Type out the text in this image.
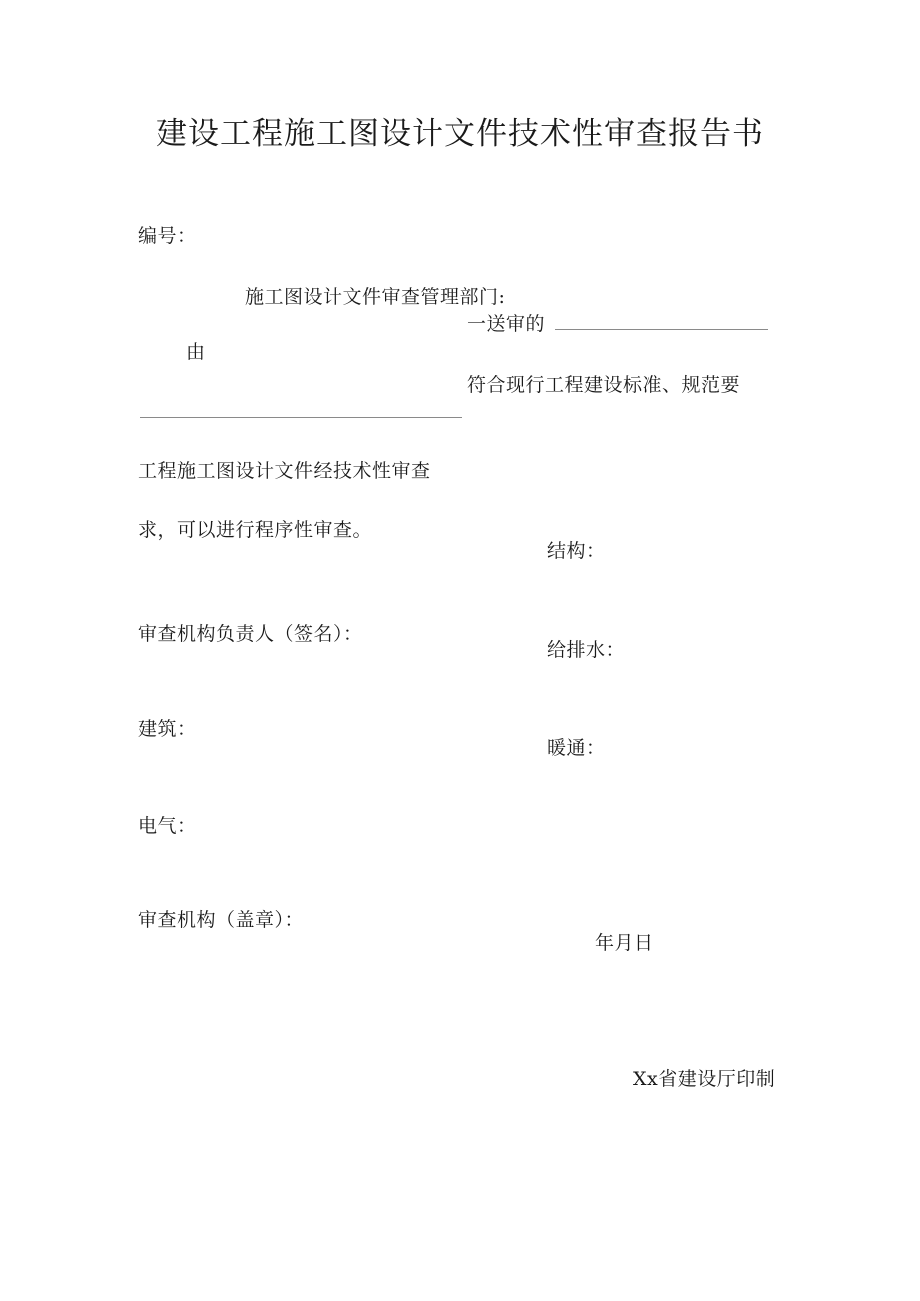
建设工程施工图设计文件技术性审查报告书
编号：
施工图设计文件审查管理部门:
一送审的
由
符合现行工程建设标准、规范要
工程施工图设计文件经技术性审查
求，可以进行程序性审查。
结构：
审查机构负责人（签名）：
给排水：
建筑：
暖通：
电气：
审查机构（盖章）：
年月日
Xx省建设厅印制
